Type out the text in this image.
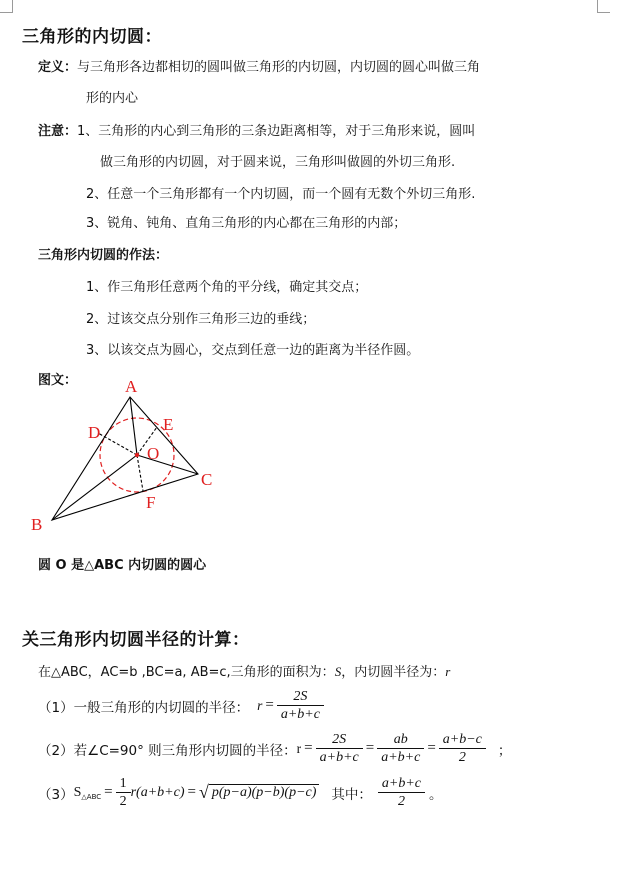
三角形的内切圆：
定义：与三角形各边都相切的圆叫做三角形的内切圆，内切圆的圆心叫做三角
形的内心
注意：1、三角形的内心到三角形的三条边距离相等，对于三角形来说，圆叫
做三角形的内切圆，对于圆来说，三角形叫做圆的外切三角形.
2、任意一个三角形都有一个内切圆，而一个圆有无数个外切三角形.
3、锐角、钝角、直角三角形的内心都在三角形的内部；
三角形内切圆的作法：
1、作三角形任意两个角的平分线，确定其交点；
2、过该交点分别作三角形三边的垂线；
3、以该交点为圆心，交点到任意一边的距离为半径作圆。
图文：	A
B
C
D	E
F
O
圆 O 是△ABC 内切圆的圆心
关三角形内切圆半径的计算：
在△ABC，AC=b ,BC=a, AB=c,三角形的面积为：S，内切圆半径为：r
（1）一般三角形的内切圆的半径： $r = \frac{2S}{a+b+c}$
（2）若∠C=90° 则三角形内切圆的半径： $r = \frac{2S}{a+b+c} = \frac{ab}{a+b+c} = \frac{a+b-c}{2}$ ；
（3） S △ABC = $\frac{1}{2} r(a+b+c)$ = √ p(p−a)(p−b)(p−c) 其中： $\frac{a+b+c}{2}$ 。
